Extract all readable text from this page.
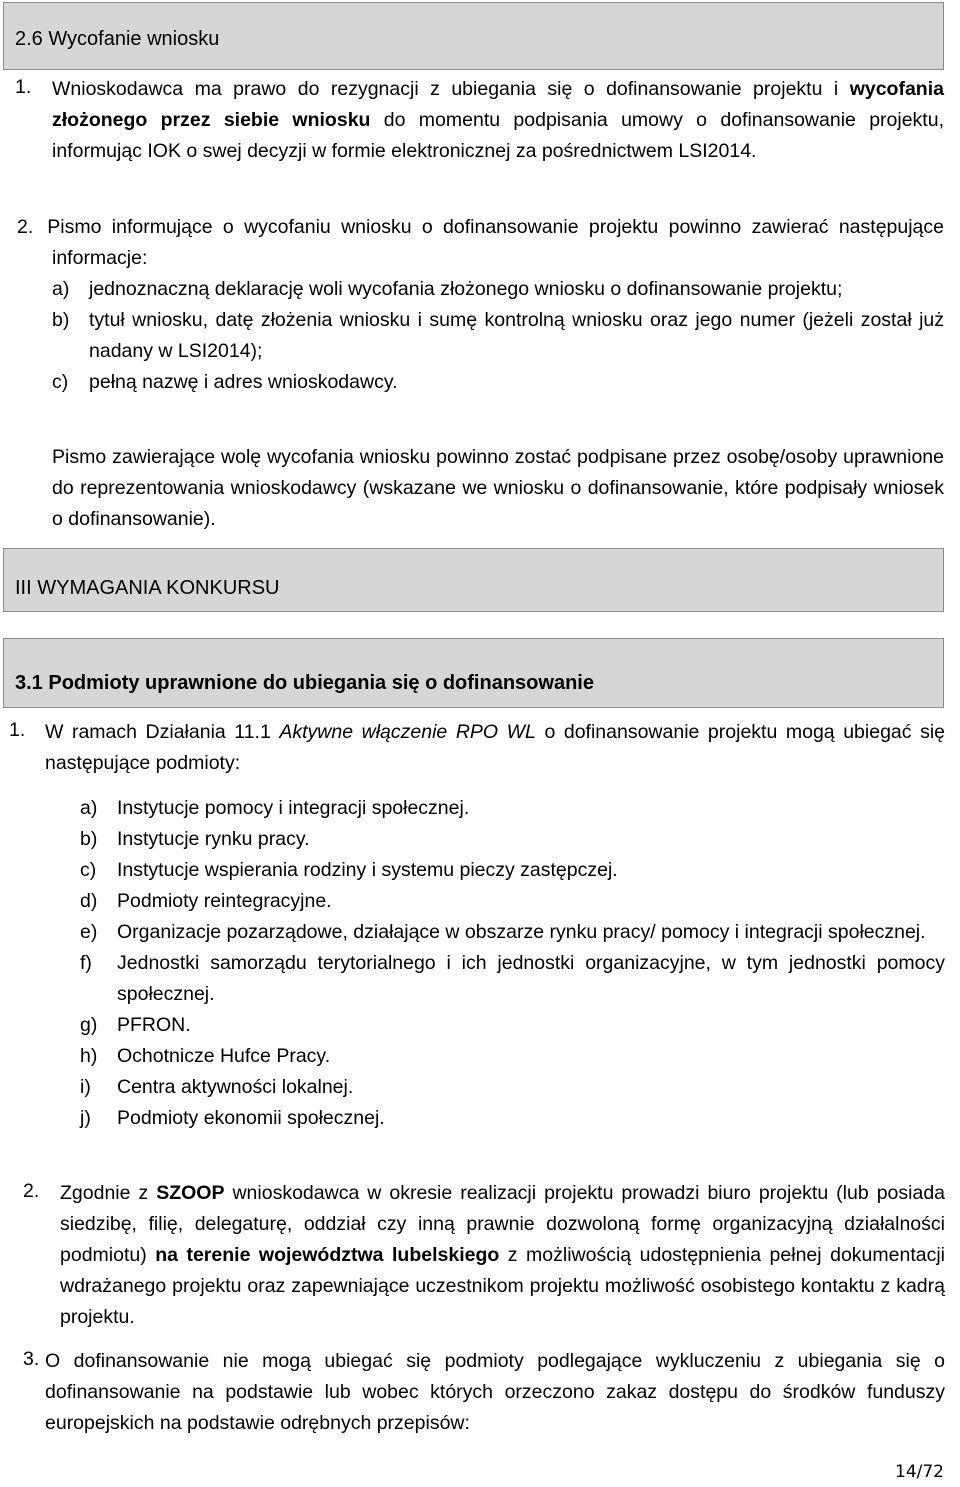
2.6 Wycofanie wniosku
1. Wnioskodawca ma prawo do rezygnacji z ubiegania się o dofinansowanie projektu i wycofania złożonego przez siebie wniosku do momentu podpisania umowy o dofinansowanie projektu, informując IOK o swej decyzji w formie elektronicznej za pośrednictwem LSI2014.
2. Pismo informujące o wycofaniu wniosku o dofinansowanie projektu powinno zawierać następujące informacje:
a) jednoznaczną deklarację woli wycofania złożonego wniosku o dofinansowanie projektu;
b) tytuł wniosku, datę złożenia wniosku i sumę kontrolną wniosku oraz jego numer (jeżeli został już nadany w LSI2014);
c) pełną nazwę i adres wnioskodawcy.
Pismo zawierające wolę wycofania wniosku powinno zostać podpisane przez osobę/osoby uprawnione do reprezentowania wnioskodawcy (wskazane we wniosku o dofinansowanie, które podpisały wniosek o dofinansowanie).
III WYMAGANIA KONKURSU
3.1 Podmioty uprawnione do ubiegania się o dofinansowanie
1. W ramach Działania 11.1 Aktywne włączenie RPO WL o dofinansowanie projektu mogą ubiegać się następujące podmioty:
a) Instytucje pomocy i integracji społecznej.
b) Instytucje rynku pracy.
c) Instytucje wspierania rodziny i systemu pieczy zastępczej.
d) Podmioty reintegracyjne.
e) Organizacje pozarządowe, działające w obszarze rynku pracy/ pomocy i integracji społecznej.
f) Jednostki samorządu terytorialnego i ich jednostki organizacyjne, w tym jednostki pomocy społecznej.
g) PFRON.
h) Ochotnicze Hufce Pracy.
i) Centra aktywności lokalnej.
j) Podmioty ekonomii społecznej.
2. Zgodnie z SZOOP wnioskodawca w okresie realizacji projektu prowadzi biuro projektu (lub posiada siedzibę, filię, delegaturę, oddział czy inną prawnie dozwoloną formę organizacyjną działalności podmiotu) na terenie województwa lubelskiego z możliwością udostępnienia pełnej dokumentacji wdrażanego projektu oraz zapewniające uczestnikom projektu możliwość osobistego kontaktu z kadrą projektu.
3. O dofinansowanie nie mogą ubiegać się podmioty podlegające wykluczeniu z ubiegania się o dofinansowanie na podstawie lub wobec których orzeczono zakaz dostępu do środków funduszy europejskich na podstawie odrębnych przepisów:
14/72
